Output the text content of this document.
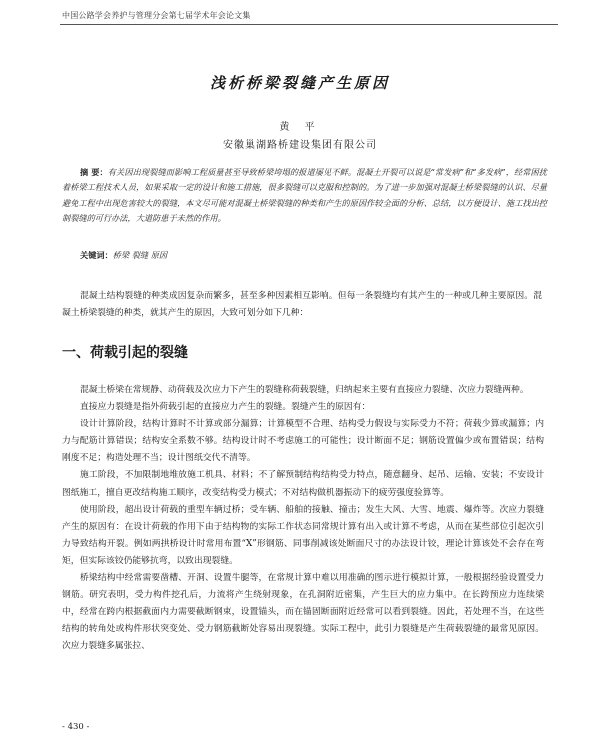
中国公路学会养护与管理分会第七届学术年会论文集
浅析桥梁裂缝产生原因
黄 平
安徽巢湖路桥建设集团有限公司
摘 要：有关因出现裂缝而影响工程质量甚至导致桥梁垮塌的报道屡见不鲜。混凝土开裂可以说是“常发病”和“多发病”，经常困扰着桥梁工程技术人员，如果采取一定的设计和施工措施，很多裂缝可以克服和控制的。为了进一步加强对混凝土桥梁裂缝的认识、尽量避免工程中出现危害较大的裂缝，本文尽可能对混凝土桥梁裂缝的种类和产生的原因作较全面的分析、总结，以方便设计、施工找出控制裂缝的可行办法，大道防患于未然的作用。
关键词：桥梁 裂缝 原因
混凝土结构裂缝的种类成因复杂而繁多，甚至多种因素相互影响。但每一条裂缝均有其产生的一种或几种主要原因。混凝土桥梁裂缝的种类，就其产生的原因，大致可划分如下几种：
一、荷载引起的裂缝

混凝土桥梁在常规静、动荷载及次应力下产生的裂缝称荷载裂缝，归纳起来主要有直接应力裂缝、次应力裂缝两种。

直接应力裂缝是指外荷载引起的直接应力产生的裂缝。裂缝产生的原因有：

设计计算阶段，结构计算时不计算或部分漏算；计算模型不合理、结构受力假设与实际受力不符；荷载少算或漏算；内力与配筋计算错误；结构安全系数不够。结构设计时不考虑施工的可能性；设计断面不足；钢筋设置偏少或布置错误；结构刚度不足；构造处理不当；设计图纸交代不清等。

施工阶段，不加限制地堆放施工机具、材料；不了解预制结构结构受力特点，随意翻身、起吊、运输、安装；不安设计图纸施工，擅自更改结构施工顺序，改变结构受力模式；不对结构做机器振动下的疲劳强度验算等。

使用阶段，超出设计荷载的重型车辆过桥；受车辆、船舶的接触、撞击；发生大风、大雪、地震、爆炸等。次应力裂缝产生的原因有：在设计荷载的作用下由于结构物的实际工作状态同常规计算有出入或计算不考虑，从而在某些部位引起次引力导致结构开裂。例如两拱桥设计时常用布置“X”形钢筋、同事削减该处断面尺寸的办法设计铰，理论计算该处不会存在弯矩，但实际该铰仍能够抗弯，以致出现裂缝。

桥梁结构中经常需要凿槽、开洞、设置牛腿等，在常规计算中难以用准确的图示进行模拟计算，一般根据经验设置受力钢筋。研究表明，受力构件挖孔后，力流将产生绕射现象，在孔洞附近密集，产生巨大的应力集中。在长跨预应力连续梁中，经常在跨内根据截面内力需要截断钢束，设置锚头，而在锚固断面附近经常可以看到裂缝。因此，若处理不当，在这些结构的转角处或构件形状突变处、受力钢筋截断处容易出现裂缝。实际工程中，此引力裂缝是产生荷载裂缝的最常见原因。次应力裂缝多属张拉、

- 430 -
